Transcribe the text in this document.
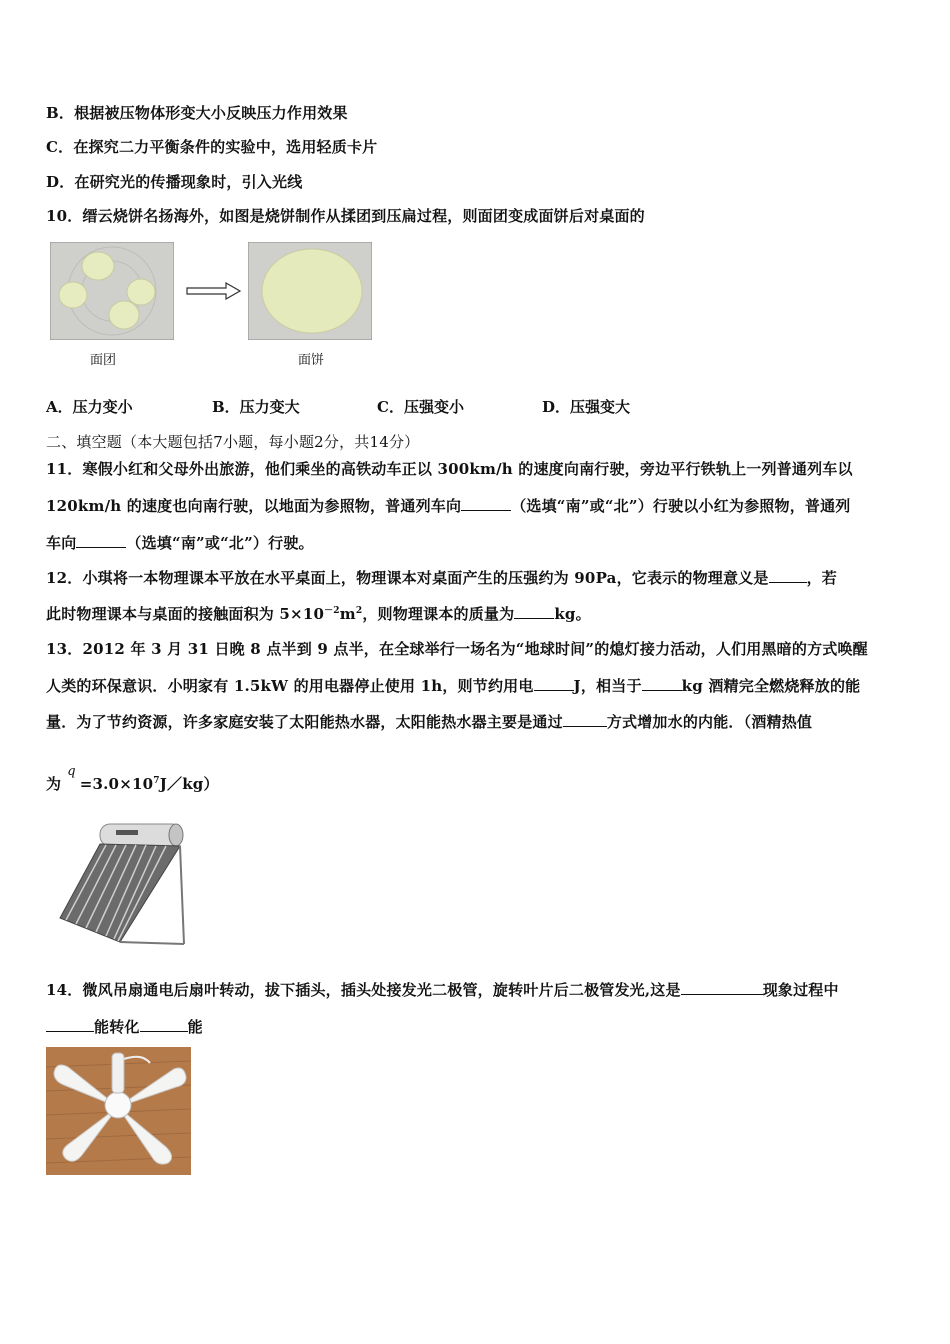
B．根据被压物体形变大小反映压力作用效果
C．在探究二力平衡条件的实验中，选用轻质卡片
D．在研究光的传播现象时，引入光线
10．缙云烧饼名扬海外，如图是烧饼制作从揉团到压扁过程，则面团变成面饼后对桌面的
面团	面饼
A．压力变小	B．压力变大	C．压强变小	D．压强变大
二、填空题（本大题包括7小题，每小题2分，共14分）
11．寒假小红和父母外出旅游，他们乘坐的高铁动车正以 300km/h 的速度向南行驶，旁边平行铁轨上一列普通列车以
120km/h 的速度也向南行驶，以地面为参照物，普通列车向	（选填“南”或“北”）行驶以小红为参照物，普通列
车向	（选填“南”或“北”）行驶。
12．小琪将一本物理课本平放在水平桌面上，物理课本对桌面产生的压强约为 90Pa，它表示的物理意义是	，若
此时物理课本与桌面的接触面积为 $5\times 10^{-2}m^2$，则物理课本的质量为	kg。
13．2012 年 3 月 31 日晚 8 点半到 9 点半，在全球举行一场名为“地球时间”的熄灯接力活动，人们用黑暗的方式唤醒
人类的环保意识．小明家有 1.5kW 的用电器停止使用 1h，则节约用电	J，相当于	kg 酒精完全燃烧释放的能
量．为了节约资源，许多家庭安装了太阳能热水器，太阳能热水器主要是通过	方式增加水的内能．（酒精热值
为$q=3.0\times 10^7J/kg$）
14．微风吊扇通电后扇叶转动，拔下插头，插头处接发光二极管，旋转叶片后二极管发光,这是	现象过程中
能转化	能
